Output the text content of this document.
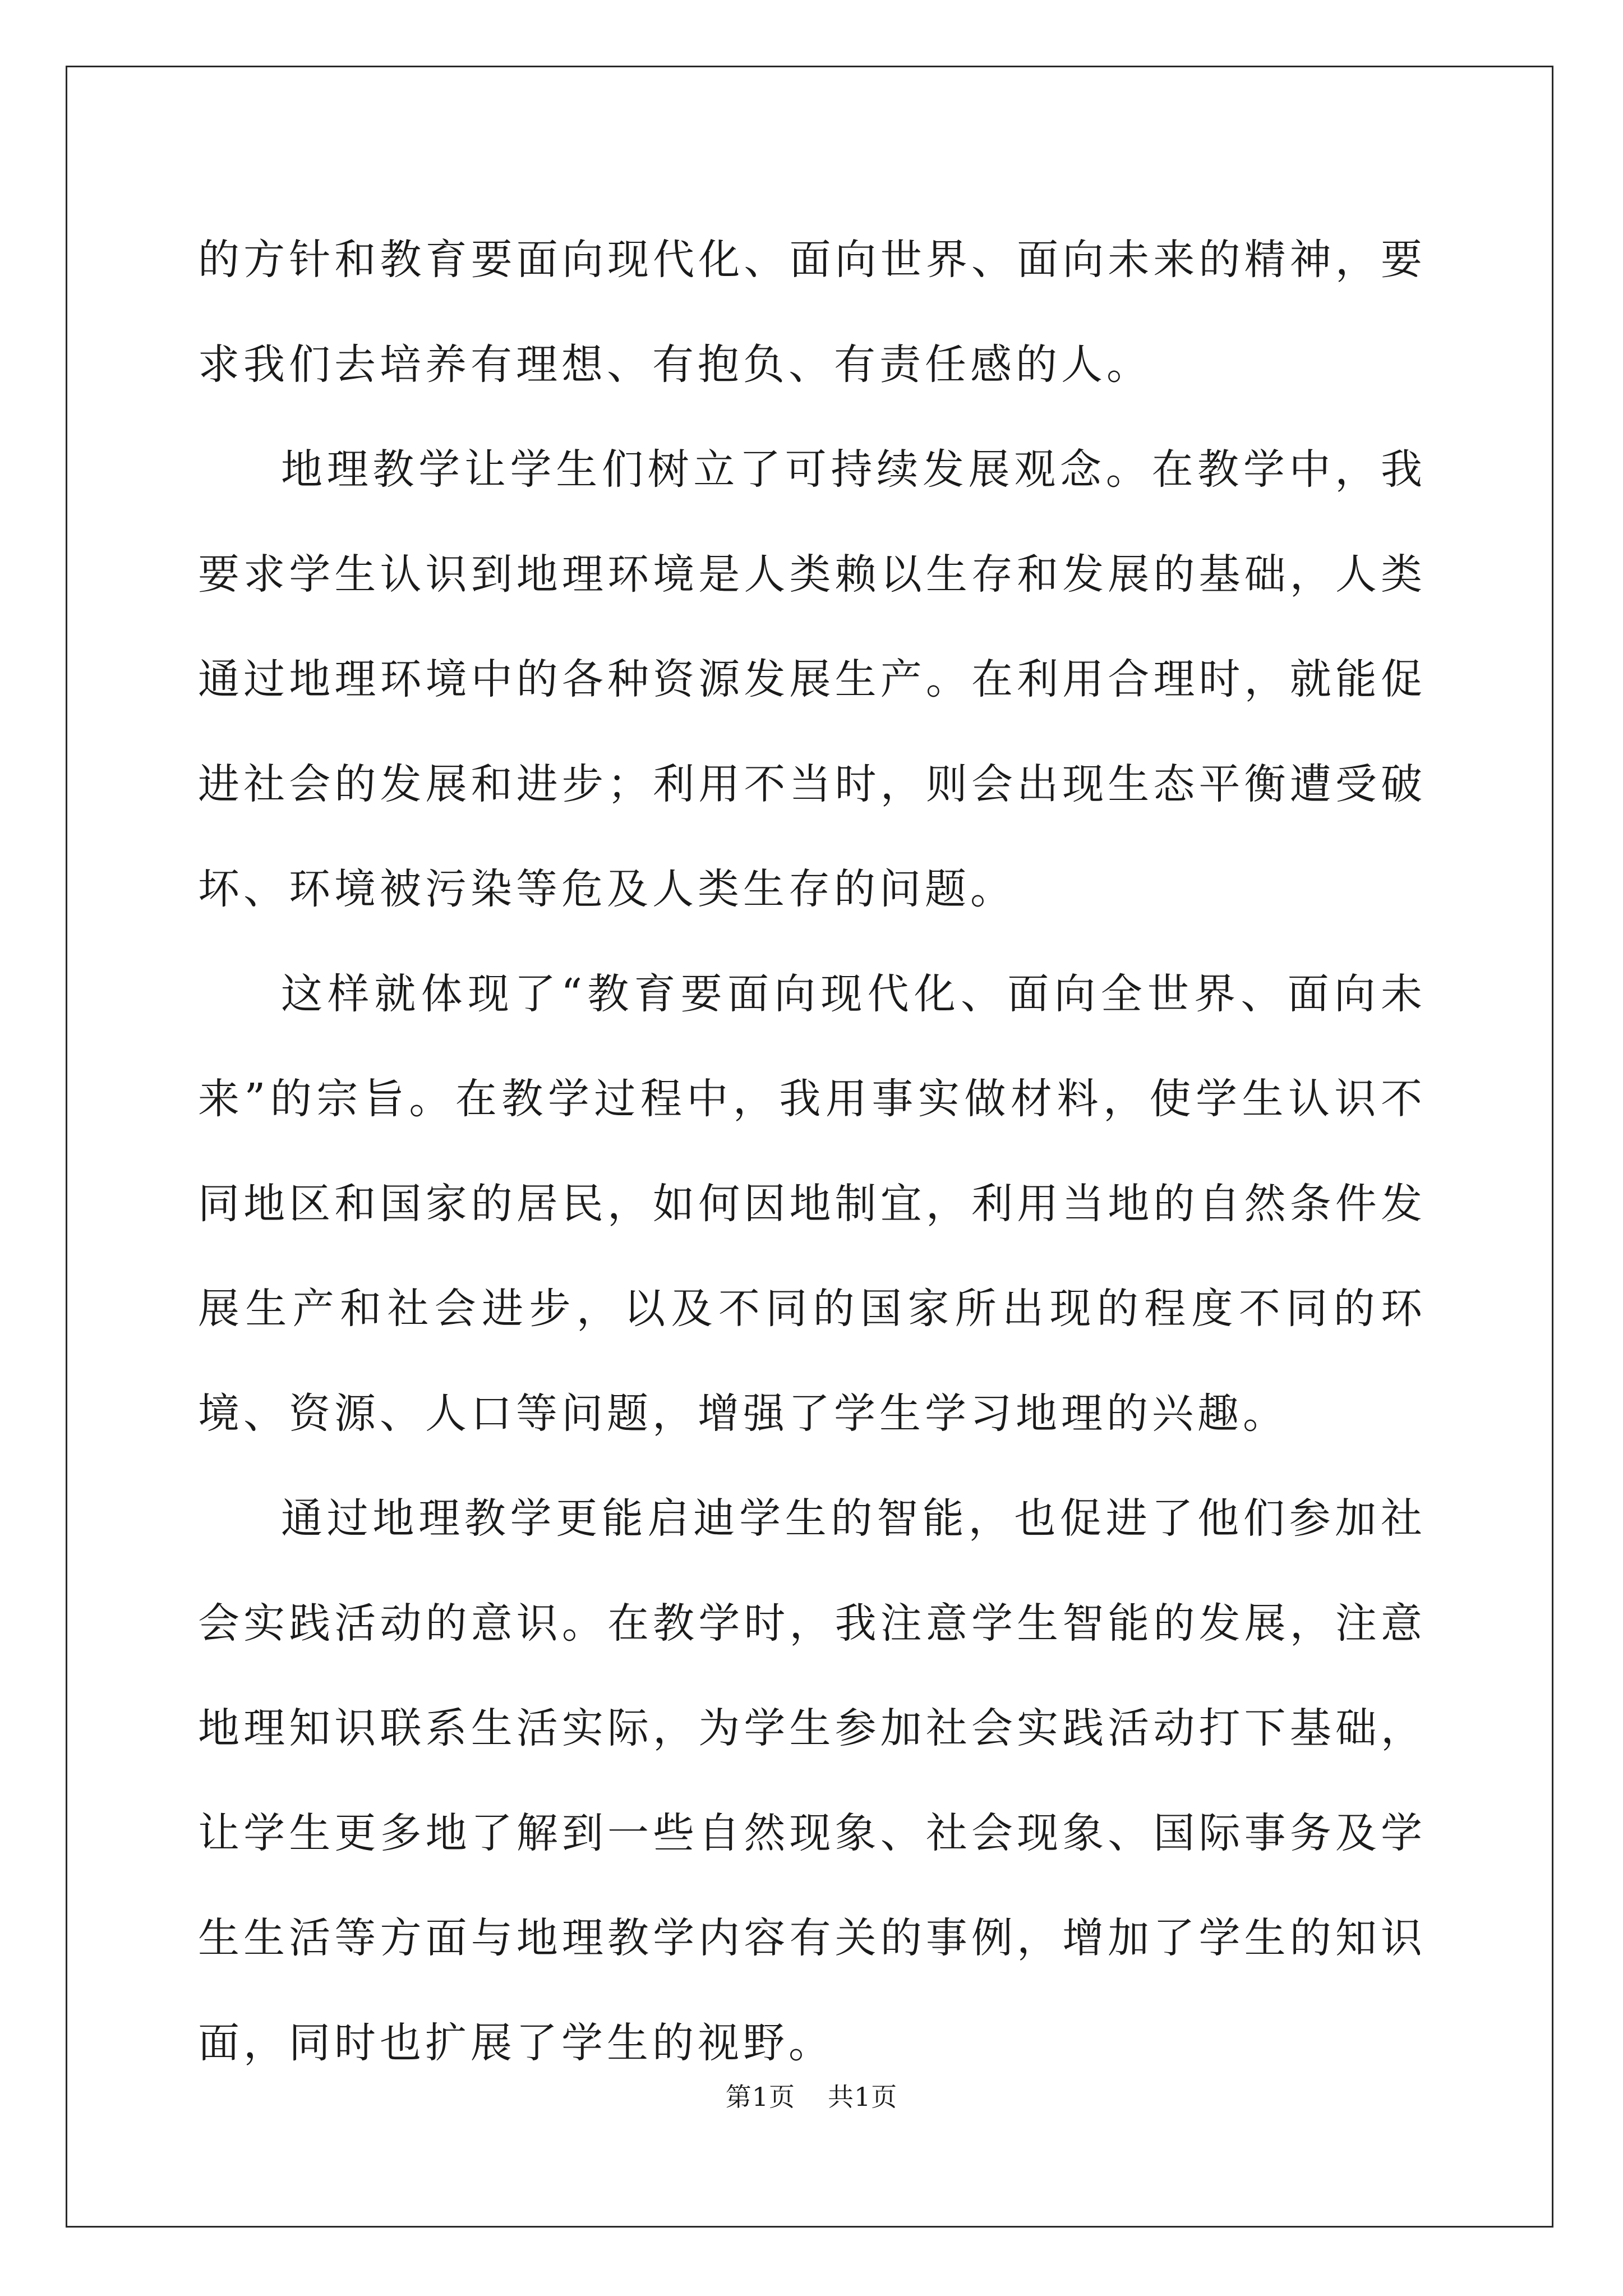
的方针和教育要面向现代化、面向世界、面向未来的精神，要求我们去培养有理想、有抱负、有责任感的人。

地理教学让学生们树立了可持续发展观念。在教学中，我要求学生认识到地理环境是人类赖以生存和发展的基础，人类通过地理环境中的各种资源发展生产。在利用合理时，就能促进社会的发展和进步；利用不当时，则会出现生态平衡遭受破坏、环境被污染等危及人类生存的问题。

这样就体现了“教育要面向现代化、面向全世界、面向未来”的宗旨。在教学过程中，我用事实做材料，使学生认识不同地区和国家的居民，如何因地制宜，利用当地的自然条件发展生产和社会进步，以及不同的国家所出现的程度不同的环境、资源、人口等问题，增强了学生学习地理的兴趣。

通过地理教学更能启迪学生的智能，也促进了他们参加社会实践活动的意识。在教学时，我注意学生智能的发展，注意地理知识联系生活实际，为学生参加社会实践活动打下基础，让学生更多地了解到一些自然现象、社会现象、国际事务及学生生活等方面与地理教学内容有关的事例，增加了学生的知识面，同时也扩展了学生的视野。

第1页 共1页
